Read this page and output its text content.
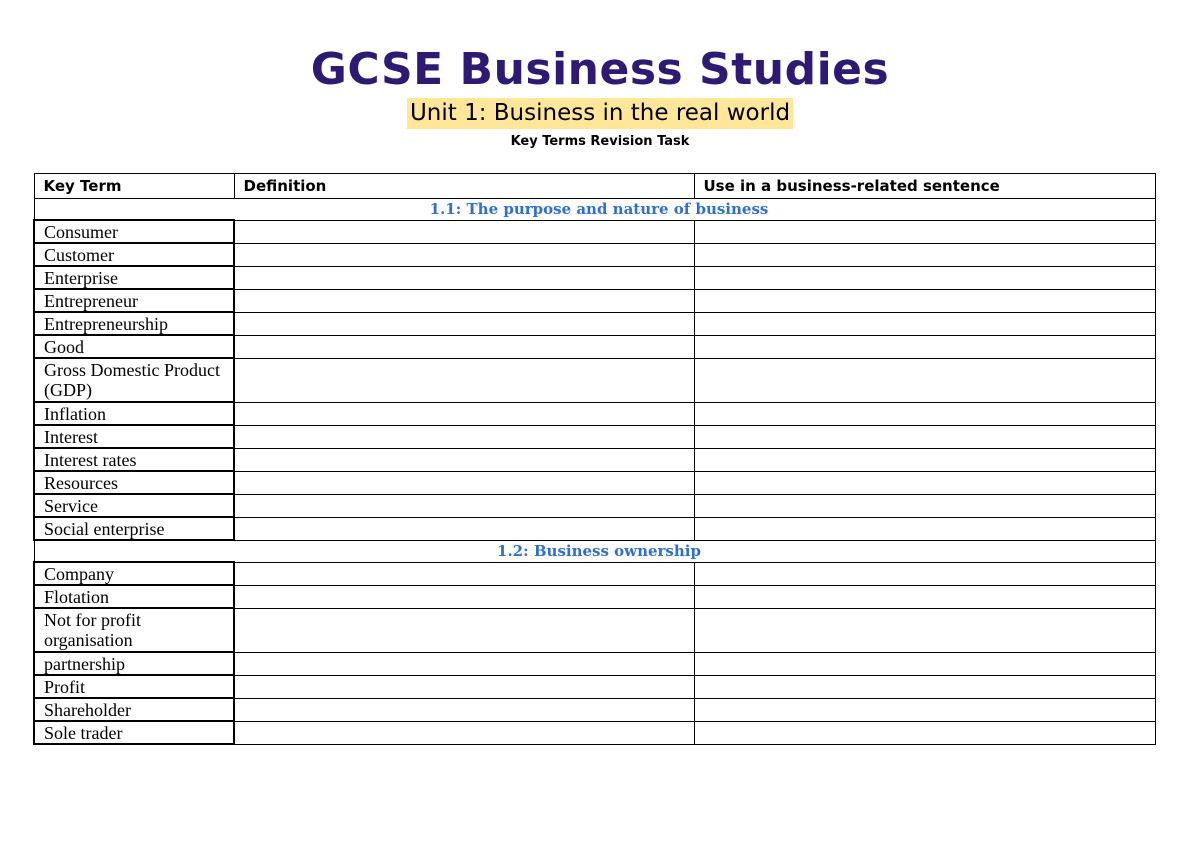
GCSE Business Studies
Unit 1: Business in the real world
Key Terms Revision Task
Key Term	Definition	Use in a business-related sentence
1.1: The purpose and nature of business		
Consumer		
Customer		
Enterprise		
Entrepreneur		
Entrepreneurship		
Good		
Gross Domestic Product (GDP)		
Inflation		
Interest		
Interest rates		
Resources		
Service		
Social enterprise		
1.2: Business ownership		
Company		
Flotation		
Not for profit organisation		
partnership		
Profit		
Shareholder		
Sole trader		
